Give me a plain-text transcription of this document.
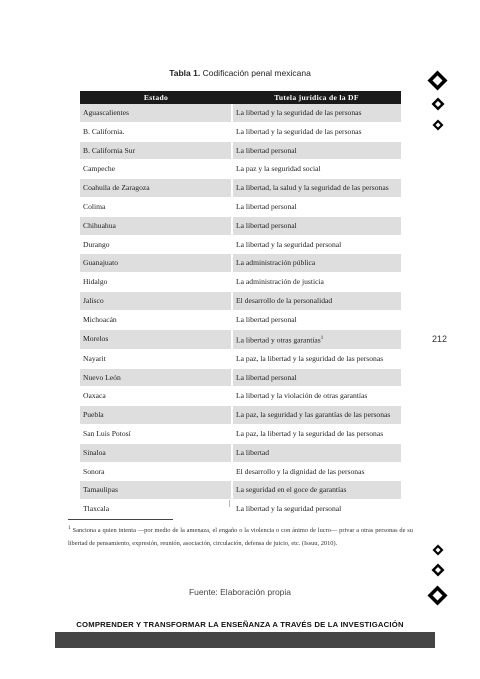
Tabla 1. Codificación penal mexicana
Estado	Tutela jurídica de la DF
Aguascalientes	La libertad y la seguridad de las personas
B. California.	La libertad y la seguridad de las personas
B. California Sur	La libertad personal
Campeche	La paz y la seguridad social
Coahuila de Zaragoza	La libertad, la salud y la seguridad de las personas
Colima	La libertad personal
Chihuahua	La libertad personal
Durango	La libertad y la seguridad personal
Guanajuato	La administración pública
Hidalgo	La administración de justicia
Jalisco	El desarrollo de la personalidad
Michoacán	La libertad personal
Morelos	La libertad y otras garantías$^1$
Nayarit	La paz, la libertad y la seguridad de las personas
Nuevo León	La libertad personal
Oaxaca	La libertad y la violación de otras garantías
Puebla	La paz, la seguridad y las garantías de las personas
San Luis Potosí	La paz, la libertad y la seguridad de las personas
Sinaloa	La libertad
Sonora	El desarrollo y la dignidad de las personas
Tamaulipas	La seguridad en el goce de garantías
Tlaxcala	La libertad y la seguridad personal
$^1$ Sanciona a quien intenta —por medio de la amenaza, el engaño o la violencia o con ánimo de lucro— privar a otras personas de su libertad de pensamiento, expresión, reunión, asociación, circulación, defensa de juicio, etc. (Issuu, 2010).
Fuente: Elaboración propia
212
COMPRENDER Y TRANSFORMAR LA ENSEÑANZA A TRAVÉS DE LA INVESTIGACIÓN
